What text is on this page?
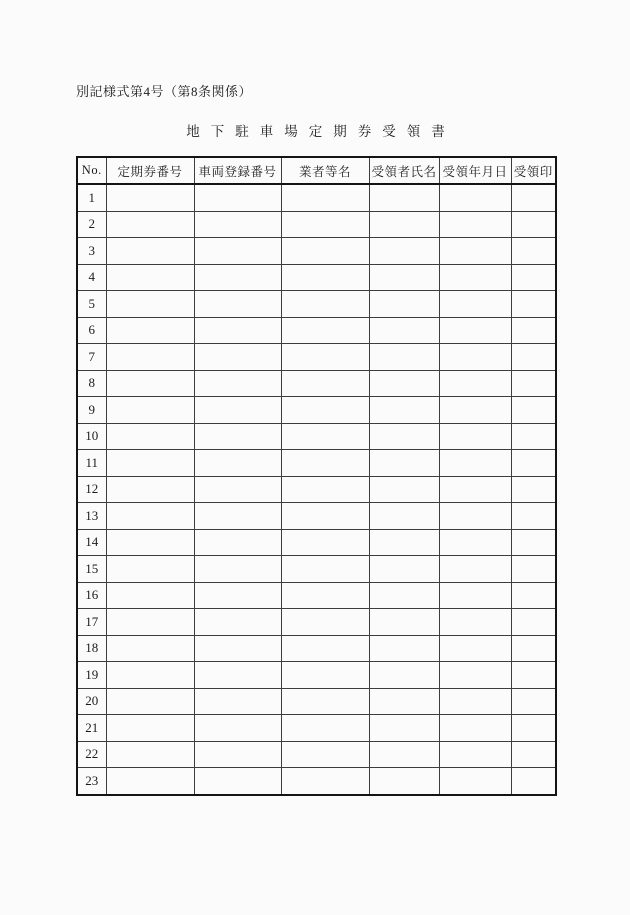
別記様式第4号（第8条関係）
地下駐車場定期券受領書
No.	定期券番号	車両登録番号	業者等名	受領者氏名	受領年月日	受領印
1						
2						
3						
4						
5						
6						
7						
8						
9						
10						
11						
12						
13						
14						
15						
16						
17						
18						
19						
20						
21						
22						
23						
